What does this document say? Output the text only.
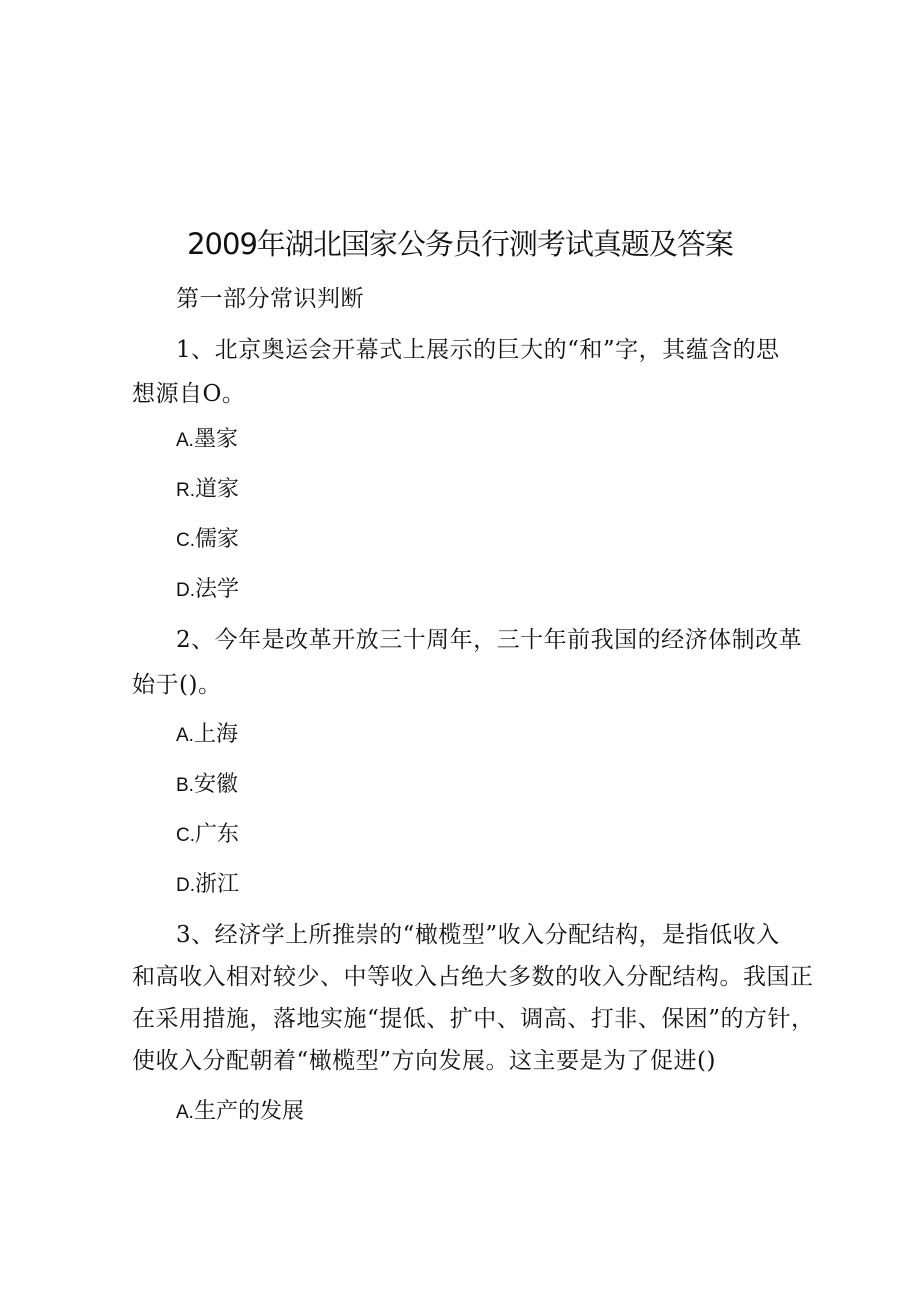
2009年湖北国家公务员行测考试真题及答案
第一部分常识判断
1、北京奥运会开幕式上展示的巨大的“和”字，其蕴含的思
想源自O。
A.墨家
R.道家
C.儒家
D.法学
2、今年是改革开放三十周年，三十年前我国的经济体制改革
始于()。
A.上海
B.安徽
C.广东
D.浙江
3、经济学上所推崇的“橄榄型”收入分配结构，是指低收入
和高收入相对较少、中等收入占绝大多数的收入分配结构。我国正
在采用措施，落地实施“提低、扩中、调高、打非、保困”的方针，
使收入分配朝着“橄榄型”方向发展。这主要是为了促进()
A.生产的发展
